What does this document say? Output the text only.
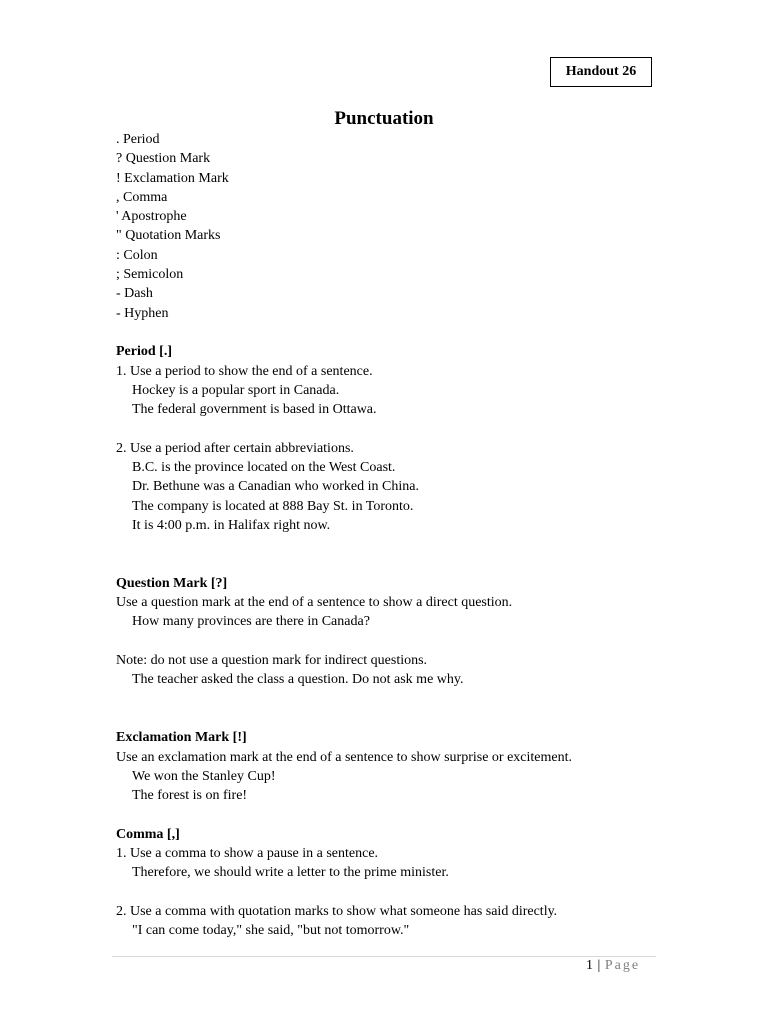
Handout 26
Punctuation
. Period
? Question Mark
! Exclamation Mark
, Comma
' Apostrophe
" Quotation Marks
: Colon
; Semicolon
- Dash
- Hyphen
Period [.]
1. Use a period to show the end of a sentence.
Hockey is a popular sport in Canada.
The federal government is based in Ottawa.
2. Use a period after certain abbreviations.
B.C. is the province located on the West Coast.
Dr. Bethune was a Canadian who worked in China.
The company is located at 888 Bay St. in Toronto.
It is 4:00 p.m. in Halifax right now.
Question Mark [?]
Use a question mark at the end of a sentence to show a direct question.
How many provinces are there in Canada?
Note: do not use a question mark for indirect questions.
The teacher asked the class a question. Do not ask me why.
Exclamation Mark [!]
Use an exclamation mark at the end of a sentence to show surprise or excitement.
We won the Stanley Cup!
The forest is on fire!
Comma [,]
1. Use a comma to show a pause in a sentence.
Therefore, we should write a letter to the prime minister.
2. Use a comma with quotation marks to show what someone has said directly.
"I can come today," she said, "but not tomorrow."
1 | Page
